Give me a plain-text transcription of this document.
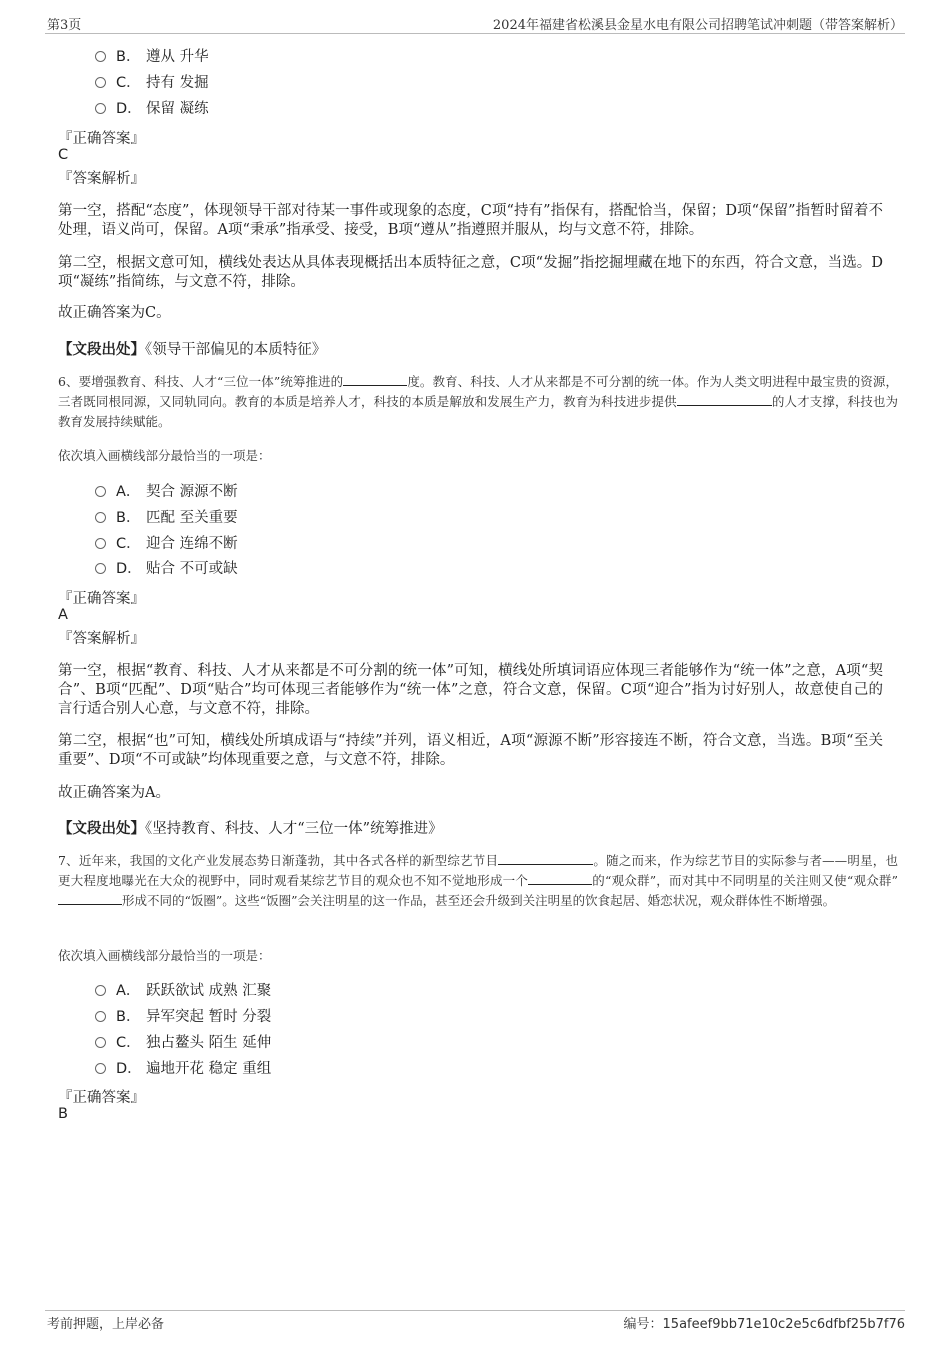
第3页	2024年福建省松溪县金星水电有限公司招聘笔试冲刺题（带答案解析）
B． 遵从 升华
C． 持有 发掘
D． 保留 凝练
『正确答案』
C
『答案解析』
第一空，搭配“态度”，体现领导干部对待某一事件或现象的态度，C项“持有”指保有，搭配恰当，保留；D项“保留”指暂时留着不处理，语义尚可，保留。A项“秉承”指承受、接受，B项“遵从”指遵照并服从，均与文意不符，排除。
第二空，根据文意可知，横线处表达从具体表现概括出本质特征之意，C项“发掘”指挖掘埋藏在地下的东西，符合文意，当选。D项“凝练”指简练，与文意不符，排除。
故正确答案为C。
【文段出处】《领导干部偏见的本质特征》
6、要增强教育、科技、人才“三位一体”统筹推进的	度。教育、科技、人才从来都是不可分割的统一体。作为人类文明进程中最宝贵的资源，三者既同根同源，又同轨同向。教育的本质是培养人才，科技的本质是解放和发展生产力，教育为科技进步提供	的人才支撑，科技也为教育发展持续赋能。
依次填入画横线部分最恰当的一项是：
A． 契合 源源不断
B． 匹配 至关重要
C． 迎合 连绵不断
D． 贴合 不可或缺
『正确答案』
A
『答案解析』
第一空，根据“教育、科技、人才从来都是不可分割的统一体”可知，横线处所填词语应体现三者能够作为“统一体”之意，A项“契合”、B项“匹配”、D项“贴合”均可体现三者能够作为“统一体”之意，符合文意，保留。C项“迎合”指为讨好别人，故意使自己的言行适合别人心意，与文意不符，排除。
第二空，根据“也”可知，横线处所填成语与“持续”并列，语义相近，A项“源源不断”形容接连不断，符合文意，当选。B项“至关重要”、D项“不可或缺”均体现重要之意，与文意不符，排除。
故正确答案为A。
【文段出处】《坚持教育、科技、人才“三位一体”统筹推进》
7、近年来，我国的文化产业发展态势日渐蓬勃，其中各式各样的新型综艺节目	。随之而来，作为综艺节目的实际参与者——明星，也更大程度地曝光在大众的视野中，同时观看某综艺节目的观众也不知不觉地形成一个	的“观众群”，而对其中不同明星的关注则又使“观众群”形成不同的“饭圈”。这些“饭圈”会关注明星的这一作品，甚至还会升级到关注明星的饮食起居、婚恋状况，观众群体性不断增强。
依次填入画横线部分最恰当的一项是：
A． 跃跃欲试 成熟 汇聚
B． 异军突起 暂时 分裂
C． 独占鳌头 陌生 延伸
D． 遍地开花 稳定 重组
『正确答案』
B
考前押题，上岸必备	编号：15afeef9bb71e10c2e5c6dfbf25b7f76
